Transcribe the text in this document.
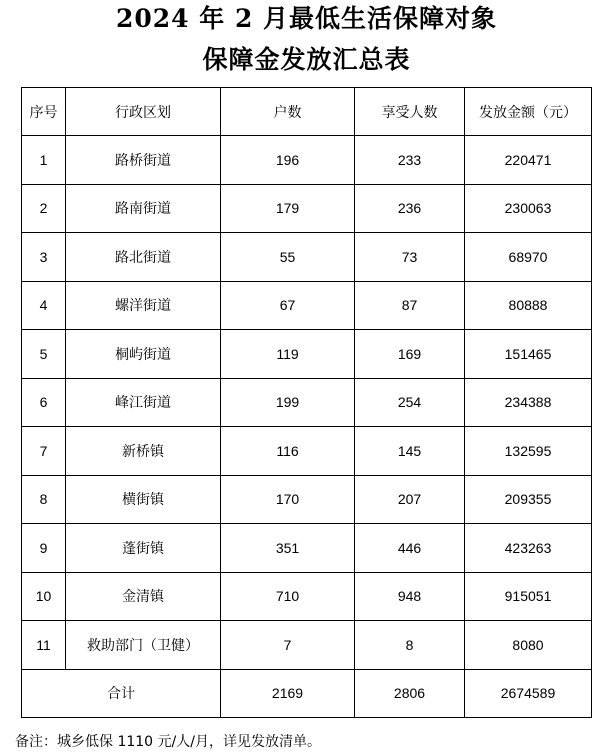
2024 年 2 月最低生活保障对象
保障金发放汇总表
序号	行政区划	户数	享受人数	发放金额（元）
1	路桥街道	196	233	220471
2	路南街道	179	236	230063
3	路北街道	55	73	68970
4	螺洋街道	67	87	80888
5	桐屿街道	119	169	151465
6	峰江街道	199	254	234388
7	新桥镇	116	145	132595
8	横街镇	170	207	209355
9	蓬街镇	351	446	423263
10	金清镇	710	948	915051
11	救助部门（卫健）	7	8	8080
合计		2169	2806	2674589
备注：城乡低保 1110 元/人/月，详见发放清单。
